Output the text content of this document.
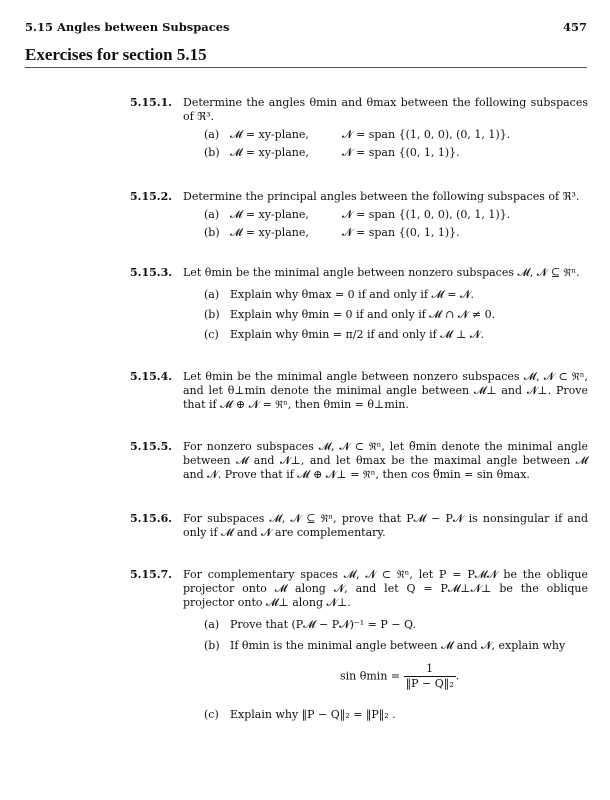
5.15 Angles between Subspaces	457
Exercises for section 5.15
5.15.1. Determine the angles θmin and θmax between the following subspaces
of ℜ³.
(a) 𝓜 = xy-plane,	𝓝 = span {(1, 0, 0), (0, 1, 1)}.
(b) 𝓜 = xy-plane,	𝓝 = span {(0, 1, 1)}.
5.15.2. Determine the principal angles between the following subspaces of ℜ³.
(a) 𝓜 = xy-plane,	𝓝 = span {(1, 0, 0), (0, 1, 1)}.
(b) 𝓜 = xy-plane,	𝓝 = span {(0, 1, 1)}.
5.15.3. Let θmin be the minimal angle between nonzero subspaces 𝓜, 𝓝 ⊆ ℜⁿ.
(a) Explain why θmax = 0 if and only if 𝓜 = 𝓝.
(b) Explain why θmin = 0 if and only if 𝓜 ∩ 𝓝 ≠ 0.
(c) Explain why θmin = π/2 if and only if 𝓜 ⊥ 𝓝.
5.15.4. Let θmin be the minimal angle between nonzero subspaces 𝓜, 𝓝 ⊂ ℜⁿ,
and let θ⊥min denote the minimal angle between 𝓜⊥ and 𝓝⊥. Prove
that if 𝓜 ⊕ 𝓝 = ℜⁿ, then θmin = θ⊥min.
5.15.5. For nonzero subspaces 𝓜, 𝓝 ⊂ ℜⁿ, let θ̃min denote the minimal angle
between 𝓜 and 𝓝⊥, and let θmax be the maximal angle between 𝓜
and 𝓝. Prove that if 𝓜 ⊕ 𝓝⊥ = ℜⁿ, then cos θ̃min = sin θmax.
5.15.6. For subspaces 𝓜, 𝓝 ⊆ ℜⁿ, prove that P𝓜 − P𝓝 is nonsingular if and
only if 𝓜 and 𝓝 are complementary.
5.15.7. For complementary spaces 𝓜, 𝓝 ⊂ ℜⁿ, let P = P𝓜𝓝 be the oblique
projector onto 𝓜 along 𝓝, and let Q = P𝓜⊥𝓝⊥ be the oblique
projector onto 𝓜⊥ along 𝓝⊥.
(a) Prove that (P𝓜 − P𝓝)⁻¹ = P − Q.
(b) If θmin is the minimal angle between 𝓜 and 𝓝, explain why
$\sin \theta\min = \frac{1}{\text{‖P − Q‖₂}}$ .
(c) Explain why ‖P − Q‖₂ = ‖P‖₂ .
